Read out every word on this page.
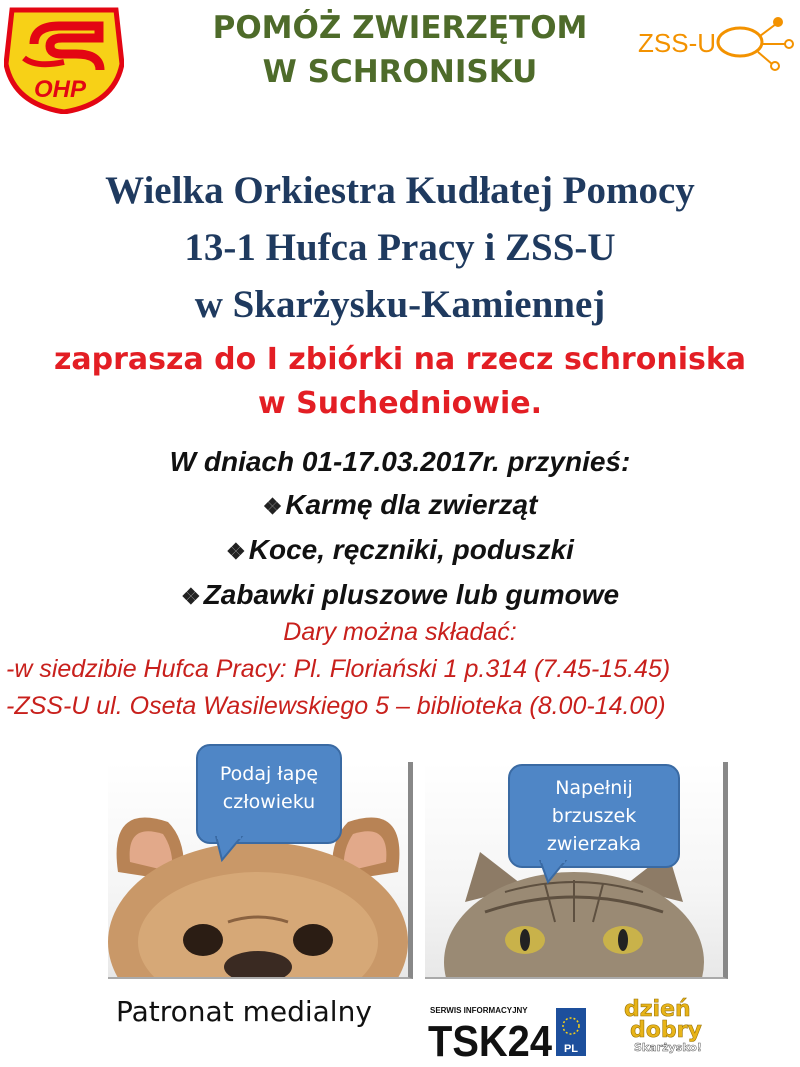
OHP
POMÓŻ ZWIERZĘTOM
W SCHRONISKU
ZSS-U
Wielka Orkiestra Kudłatej Pomocy
13-1 Hufca Pracy i ZSS-U
w Skarżysku-Kamiennej
zaprasza do I zbiórki na rzecz schroniska
w Suchedniowie.
W dniach 01-17.03.2017r. przynieś:
❖ Karmę dla zwierząt
❖ Koce, ręczniki, poduszki
❖ Zabawki pluszowe lub gumowe
Dary można składać:
-w siedzibie Hufca Pracy: Pl. Floriański 1 p.314 (7.45-15.45)
-ZSS-U ul. Oseta Wasilewskiego 5 – biblioteka (8.00-14.00)
Podaj łapę
człowieku
Napełnij
brzuszek
zwierzaka
Patronat medialny	SERWIS INFORMACYJNY
TSK24 PL
dzień
dobry
Skarżysko!
